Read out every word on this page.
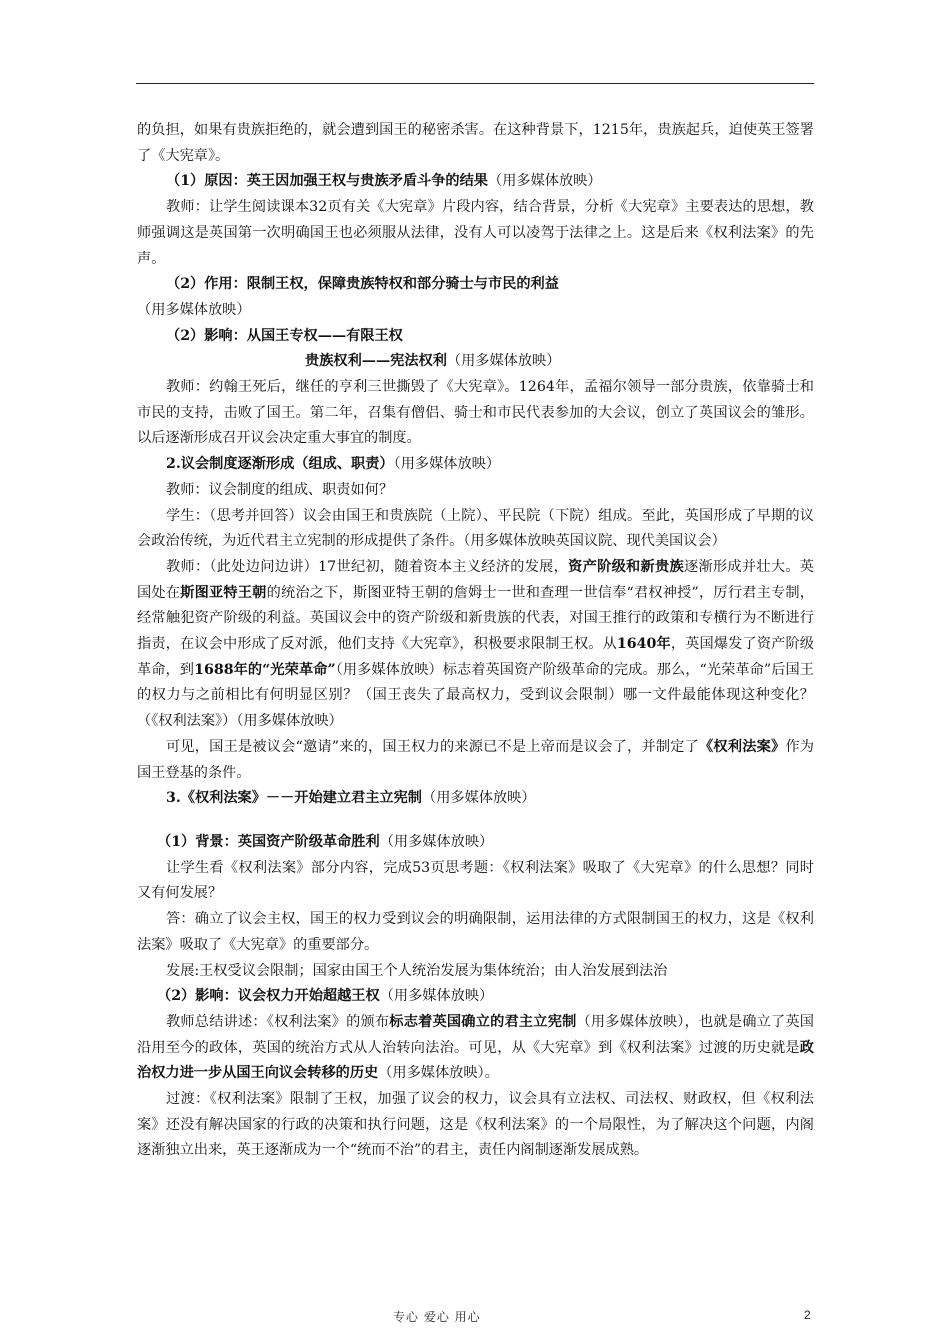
的负担，如果有贵族拒绝的，就会遭到国王的秘密杀害。在这种背景下，1215年，贵族起兵，迫使英王签署了《大宪章》。

（1）原因：英王因加强王权与贵族矛盾斗争的结果（用多媒体放映）

教师：让学生阅读课本32页有关《大宪章》片段内容，结合背景，分析《大宪章》主要表达的思想，教师强调这是英国第一次明确国王也必须服从法律，没有人可以凌驾于法律之上。这是后来《权利法案》的先声。

（2）作用：限制王权，保障贵族特权和部分骑士与市民的利益

（用多媒体放映）

（2）影响：从国王专权——有限王权

贵族权利——宪法权利（用多媒体放映）

教师：约翰王死后，继任的亨利三世撕毁了《大宪章》。1264年，孟福尔领导一部分贵族，依靠骑士和市民的支持，击败了国王。第二年，召集有僧侣、骑士和市民代表参加的大会议，创立了英国议会的雏形。以后逐渐形成召开议会决定重大事宜的制度。

2.议会制度逐渐形成（组成、职责）（用多媒体放映）

教师：议会制度的组成、职责如何？

学生：（思考并回答）议会由国王和贵族院（上院）、平民院（下院）组成。至此，英国形成了早期的议会政治传统，为近代君主立宪制的形成提供了条件。（用多媒体放映英国议院、现代美国议会）

教师：（此处边问边讲）17世纪初，随着资本主义经济的发展，资产阶级和新贵族逐渐形成并壮大。英国处在斯图亚特王朝的统治之下，斯图亚特王朝的詹姆士一世和查理一世信奉“君权神授”，厉行君主专制，经常触犯资产阶级的利益。英国议会中的资产阶级和新贵族的代表，对国王推行的政策和专横行为不断进行指责，在议会中形成了反对派，他们支持《大宪章》，积极要求限制王权。从1640年，英国爆发了资产阶级革命，到1688年的“光荣革命”（用多媒体放映）标志着英国资产阶级革命的完成。那么，“光荣革命”后国王的权力与之前相比有何明显区别？（国王丧失了最高权力，受到议会限制）哪一文件最能体现这种变化？（《权利法案》）（用多媒体放映）

可见，国王是被议会“邀请”来的，国王权力的来源已不是上帝而是议会了，并制定了《权利法案》作为国王登基的条件。

3.《权利法案》－－开始建立君主立宪制（用多媒体放映）

（1）背景：英国资产阶级革命胜利（用多媒体放映）

让学生看《权利法案》部分内容，完成53页思考题：《权利法案》吸取了《大宪章》的什么思想？同时又有何发展？

答：确立了议会主权，国王的权力受到议会的明确限制，运用法律的方式限制国王的权力，这是《权利法案》吸取了《大宪章》的重要部分。

发展:王权受议会限制；国家由国王个人统治发展为集体统治；由人治发展到法治

（2）影响：议会权力开始超越王权（用多媒体放映）

教师总结讲述：《权利法案》的颁布标志着英国确立的君主立宪制（用多媒体放映），也就是确立了英国沿用至今的政体，英国的统治方式从人治转向法治。可见，从《大宪章》到《权利法案》过渡的历史就是政治权力进一步从国王向议会转移的历史（用多媒体放映）。

过渡：《权利法案》限制了王权，加强了议会的权力，议会具有立法权、司法权、财政权，但《权利法案》还没有解决国家的行政的决策和执行问题，这是《权利法案》的一个局限性，为了解决这个问题，内阁逐渐独立出来，英王逐渐成为一个“统而不治”的君主，责任内阁制逐渐发展成熟。

专心 爱心 用心	2
